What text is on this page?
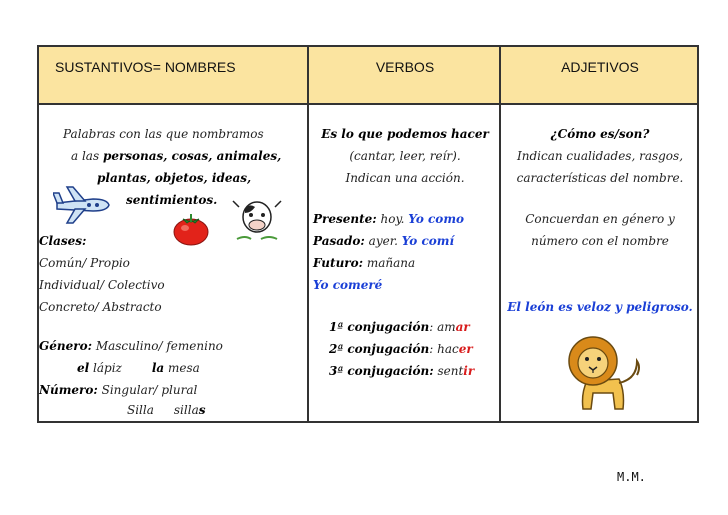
SUSTANTIVOS= NOMBRES
Palabras con las que nombramos
a las personas, cosas, animales,
plantas, objetos, ideas,
sentimientos.
Clases:
Común/ Propio
Individual/ Colectivo
Concreto/ Abstracto
Género: Masculino/ femenino
el lápiz	la mesa
Número: Singular/ plural
Silla sillas
VERBOS
Es lo que podemos hacer
(cantar, leer, reír).
Indican una acción.
Presente: hoy. Yo como
Pasado: ayer. Yo comí
Futuro: mañana
Yo comeré
1ª conjugación: amar
2ª conjugación: hacer
3ª conjugación: sentir
ADJETIVOS
¿Cómo es/son?
Indican cualidades, rasgos,
características del nombre.
Concuerdan en género y
número con el nombre
El león es veloz y peligroso.
M.M.
